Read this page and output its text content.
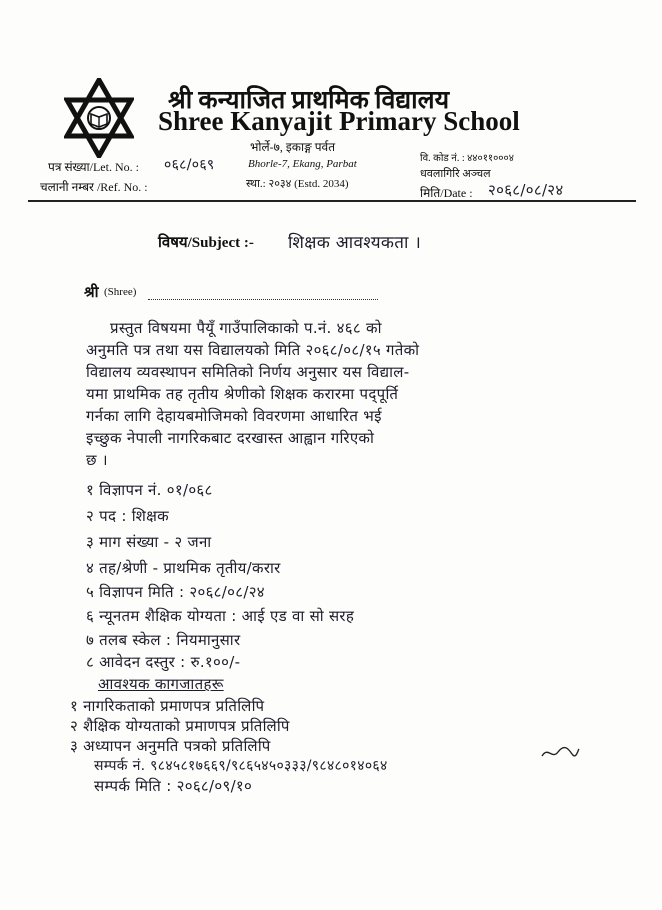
श्री कन्याजित प्राथमिक विद्यालय
Shree Kanyajit Primary School
भोर्ले-७, इकाङ्ग पर्वत
Bhorle-7, Ekang, Parbat
स्था.: २०३४ (Estd. 2034)
पत्र संख्या/Let. No. : ०६८/०६९
चलानी नम्बर /Ref. No. :
वि. कोड नं. : ४४०११०००४
धवलागिरि अञ्चल
मिति/Date : २०६८/०८/२४
विषय/Subject :- शिक्षक आवश्यकता ।
श्री (Shree)
प्रस्तुत विषयमा पैयूँ गाउँपालिकाको प.नं. ४६८ को
अनुमति पत्र तथा यस विद्यालयको मिति २०६८/०८/१५ गतेको
विद्यालय व्यवस्थापन समितिको निर्णय अनुसार यस विद्याल-
यमा प्राथमिक तह तृतीय श्रेणीको शिक्षक करारमा पद्पूर्ति
गर्नका लागि देहायबमोजिमको विवरणमा आधारित भई
इच्छुक नेपाली नागरिकबाट दरखास्त आह्वान गरिएको
छ ।
१ विज्ञापन नं. ०१/०६८
२ पद : शिक्षक
३ माग संख्या - २ जना
४ तह/श्रेणी - प्राथमिक तृतीय/करार
५ विज्ञापन मिति : २०६८/०८/२४
६ न्यूनतम शैक्षिक योग्यता : आई एड वा सो सरह
७ तलब स्केल : नियमानुसार
८ आवेदन दस्तुर : रु.१००/-
आवश्यक कागजातहरू
१ नागरिकताको प्रमाणपत्र प्रतिलिपि
२ शैक्षिक योग्यताको प्रमाणपत्र प्रतिलिपि
३ अध्यापन अनुमति पत्रको प्रतिलिपि
सम्पर्क नं. ९८४५८१७६६९/९८६५४५०३३३/९८४८०१४०६४
सम्पर्क मिति : २०६८/०९/१०
